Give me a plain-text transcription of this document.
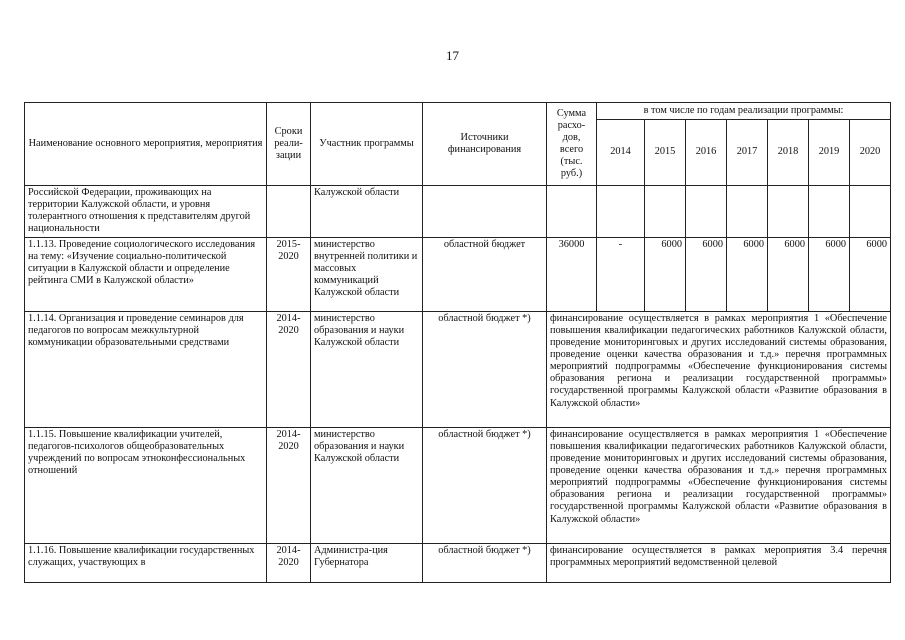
17
Наименование основного мероприятия, мероприятия	Сроки реали-зации	Участник программы	Источники финансирования	Сумма расхо-дов, всего (тыс. руб.)	в том числе по годам реализации программы:						
					2014	2015	2016	2017	2018	2019	2020
Российской Федерации, проживающих на территории Калужской области, и уровня толерантного отношения к представителям другой национальности		Калужской области									
1.1.13. Проведение социологического исследования на тему: «Изучение социально-политической ситуации в Калужской области и определение рейтинга СМИ в Калужской области»	2015-2020	министерство внутренней политики и массовых коммуникаций Калужской области	областной бюджет	36000	-	6000	6000	6000	6000	6000	6000
1.1.14. Организация и проведение семинаров для педагогов по вопросам межкультурной коммуникации образовательными средствами	2014-2020	министерство образования и науки Калужской области	областной бюджет *)	финансирование осуществляется в рамках мероприятия 1 «Обеспечение повышения квалификации педагогических работников Калужской области, проведение мониторинговых и других исследований системы образования, проведение оценки качества образования и т.д.» перечня программных мероприятий подпрограммы «Обеспечение функционирования системы образования региона и реализации государственной программы» государственной программы Калужской области «Развитие образования в Калужской области»							
1.1.15. Повышение квалификации учителей, педагогов-психологов общеобразовательных учреждений по вопросам этноконфессиональных отношений	2014-2020	министерство образования и науки Калужской области	областной бюджет *)	финансирование осуществляется в рамках мероприятия 1 «Обеспечение повышения квалификации педагогических работников Калужской области, проведение мониторинговых и других исследований системы образования, проведение оценки качества образования и т.д.» перечня программных мероприятий подпрограммы «Обеспечение функционирования системы образования региона и реализации государственной программы» государственной программы Калужской области «Развитие образования в Калужской области»							
1.1.16. Повышение квалификации государственных служащих, участвующих в	2014-2020	Администра-ция Губернатора	областной бюджет *)	финансирование осуществляется в рамках мероприятия 3.4 перечня программных мероприятий ведомственной целевой							
